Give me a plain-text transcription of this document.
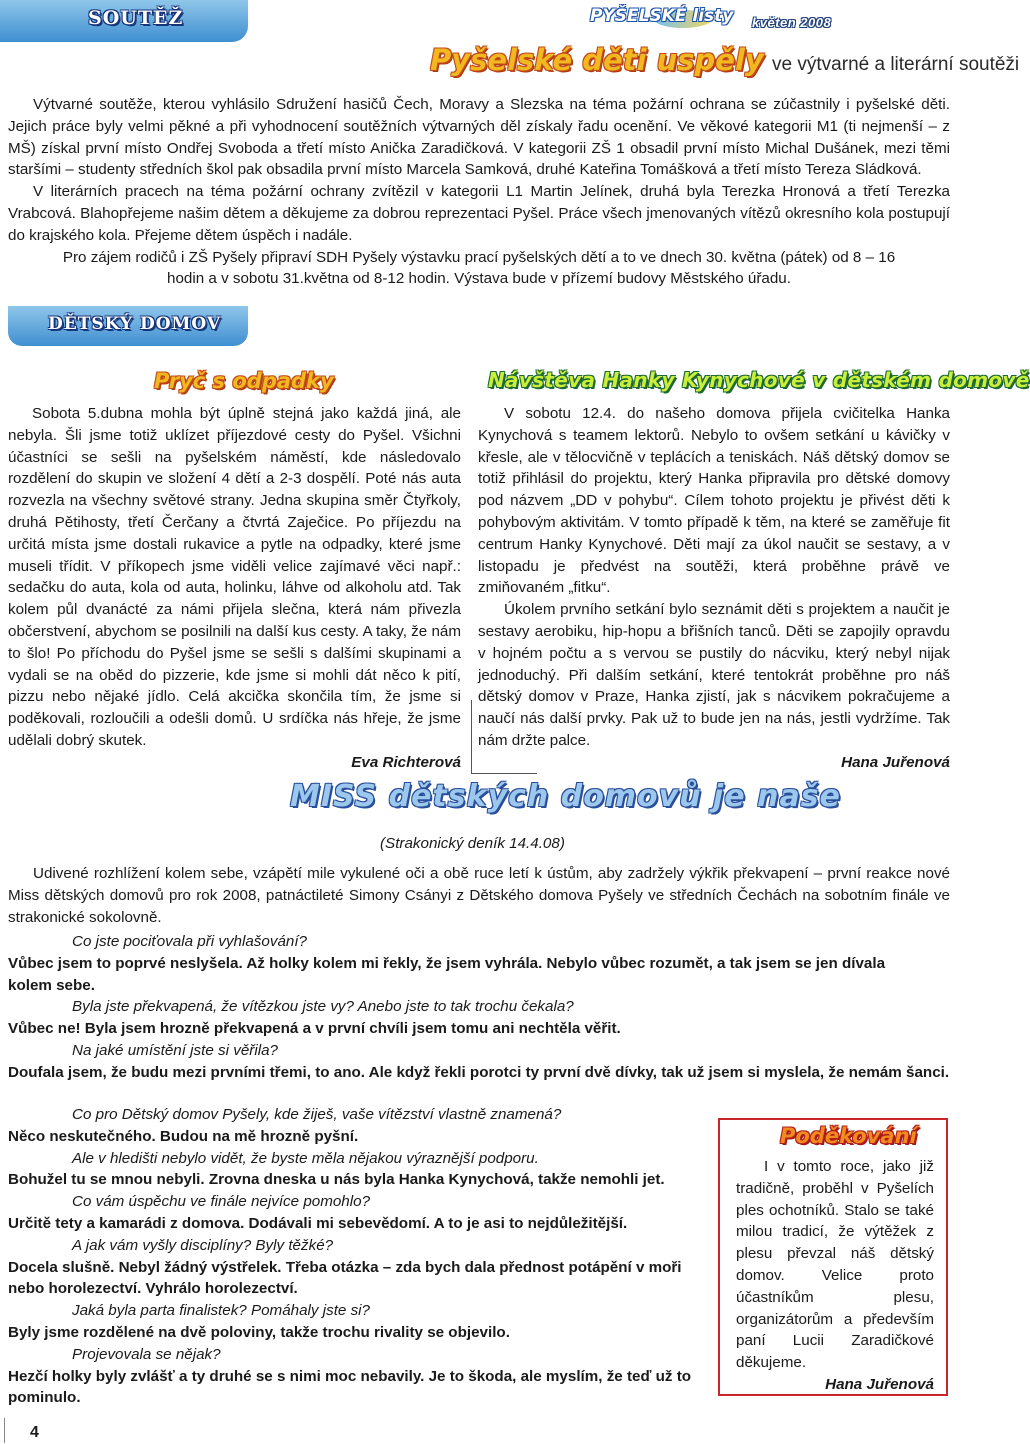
SOUTĚŽ	PYŠELSKÉ listy květen 2008
Pyšelské děti uspěly ve výtvarné a literární soutěži

Výtvarné soutěže, kterou vyhlásilo Sdružení hasičů Čech, Moravy a Slezska na téma požární ochrana se zúčastnily i pyšelské děti. Jejich práce byly velmi pěkné a při vyhodnocení soutěžních výtvarných děl získaly řadu ocenění. Ve věkové kategorii M1 (ti nejmenší – z MŠ) získal první místo Ondřej Svoboda a třetí místo Anička Zaradičková. V kategorii ZŠ 1 obsadil první místo Michal Dušánek, mezi těmi staršími – studenty středních škol pak obsadila první místo Marcela Samková, druhé Kateřina Tomášková a třetí místo Tereza Sládková.

V literárních pracech na téma požární ochrany zvítězil v kategorii L1 Martin Jelínek, druhá byla Terezka Hronová a třetí Terezka Vrabcová. Blahopřejeme našim dětem a děkujeme za dobrou reprezentaci Pyšel. Práce všech jmenovaných vítězů okresního kola postupují do krajského kola. Přejeme dětem úspěch i nadále.

Pro zájem rodičů i ZŠ Pyšely připraví SDH Pyšely výstavku prací pyšelských dětí a to ve dnech 30. května (pátek) od 8 – 16 hodin a v sobotu 31.května od 8-12 hodin. Výstava bude v přízemí budovy Městského úřadu.

DĚTSKÝ DOMOV
Pryč s odpadky

Sobota 5.dubna mohla být úplně stejná jako každá jiná, ale nebyla. Šli jsme totiž uklízet příjezdové cesty do Pyšel. Všichni účastníci se sešli na pyšelském náměstí, kde následovalo rozdělení do skupin ve složení 4 dětí a 2-3 dospělí. Poté nás auta rozvezla na všechny světové strany. Jedna skupina směr Čtyřkoly, druhá Pětihosty, třetí Čerčany a čtvrtá Zaječice. Po příjezdu na určitá místa jsme dostali rukavice a pytle na odpadky, které jsme museli třídit. V příkopech jsme viděli velice zajímavé věci např.: sedačku do auta, kola od auta, holinku, láhve od alkoholu atd. Tak kolem půl dvanácté za námi přijela slečna, která nám přivezla občerstvení, abychom se posilnili na další kus cesty. A taky, že nám to šlo! Po příchodu do Pyšel jsme se sešli s dalšími skupinami a vydali se na oběd do pizzerie, kde jsme si mohli dát něco k pití, pizzu nebo nějaké jídlo. Celá akcička skončila tím, že jsme si poděkovali, rozloučili a odešli domů. U srdíčka nás hřeje, že jsme udělali dobrý skutek.

Eva Richterová

Návštěva Hanky Kynychové v dětském domově

V sobotu 12.4. do našeho domova přijela cvičitelka Hanka Kynychová s teamem lektorů. Nebylo to ovšem setkání u kávičky v křesle, ale v tělocvičně v teplácích a teniskách. Náš dětský domov se totiž přihlásil do projektu, který Hanka připravila pro dětské domovy pod názvem „DD v pohybu“. Cílem tohoto projektu je přivést děti k pohybovým aktivitám. V tomto případě k těm, na které se zaměřuje fit centrum Hanky Kynychové. Děti mají za úkol naučit se sestavy, a v listopadu je předvést na soutěži, která proběhne právě ve zmiňovaném „fitku“.

Úkolem prvního setkání bylo seznámit děti s projektem a naučit je sestavy aerobiku, hip-hopu a břišních tanců. Děti se zapojily opravdu v hojném počtu a s vervou se pustily do nácviku, který nebyl nijak jednoduchý. Při dalším setkání, které tentokrát proběhne pro náš dětský domov v Praze, Hanka zjistí, jak s nácvikem pokračujeme a naučí nás další prvky. Pak už to bude jen na nás, jestli vydržíme. Tak nám držte palce.

Hana Juřenová

MISS dětských domovů je naše
(Strakonický deník 14.4.08)

Udivené rozhlížení kolem sebe, vzápětí mile vykulené oči a obě ruce letí k ústům, aby zadržely výkřik překvapení – první reakce nové Miss dětských domovů pro rok 2008, patnáctileté Simony Csányi z Dětského domova Pyšely ve středních Čechách na sobotním finále ve strakonické sokolovně.

Co jste pociťovala při vyhlašování?

Vůbec jsem to poprvé neslyšela. Až holky kolem mi řekly, že jsem vyhrála. Nebylo vůbec rozumět, a tak jsem se jen dívala kolem sebe.

Byla jste překvapená, že vítězkou jste vy? Anebo jste to tak trochu čekala?

Vůbec ne! Byla jsem hrozně překvapená a v první chvíli jsem tomu ani nechtěla věřit.

Na jaké umístění jste si věřila?

Doufala jsem, že budu mezi prvními třemi, to ano. Ale když řekli porotci ty první dvě dívky, tak už jsem si myslela, že nemám šanci.

Co pro Dětský domov Pyšely, kde žiješ, vaše vítězství vlastně znamená?

Něco neskutečného. Budou na mě hrozně pyšní.

Ale v hledišti nebylo vidět, že byste měla nějakou výraznější podporu.

Bohužel tu se mnou nebyli. Zrovna dneska u nás byla Hanka Kynychová, takže nemohli jet.

Co vám úspěchu ve finále nejvíce pomohlo?

Určitě tety a kamarádi z domova. Dodávali mi sebevědomí. A to je asi to nejdůležitější.

A jak vám vyšly disciplíny? Byly těžké?

Docela slušně. Nebyl žádný výstřelek. Třeba otázka – zda bych dala přednost potápění v moři nebo horolezectví. Vyhrálo horolezectví.

Jaká byla parta finalistek? Pomáhaly jste si?

Byly jsme rozdělené na dvě poloviny, takže trochu rivality se objevilo.

Projevovala se nějak?

Hezčí holky byly zvlášť a ty druhé se s nimi moc nebavily. Je to škoda, ale myslím, že teď už to pominulo.

Poděkování

I v tomto roce, jako již tradičně, proběhl v Pyšelích ples ochotníků. Stalo se také milou tradicí, že výtěžek z plesu převzal náš dětský domov. Velice proto účastníkům plesu, organizátorům a především paní Lucii Zaradičkové děkujeme.

Hana Juřenová

4
